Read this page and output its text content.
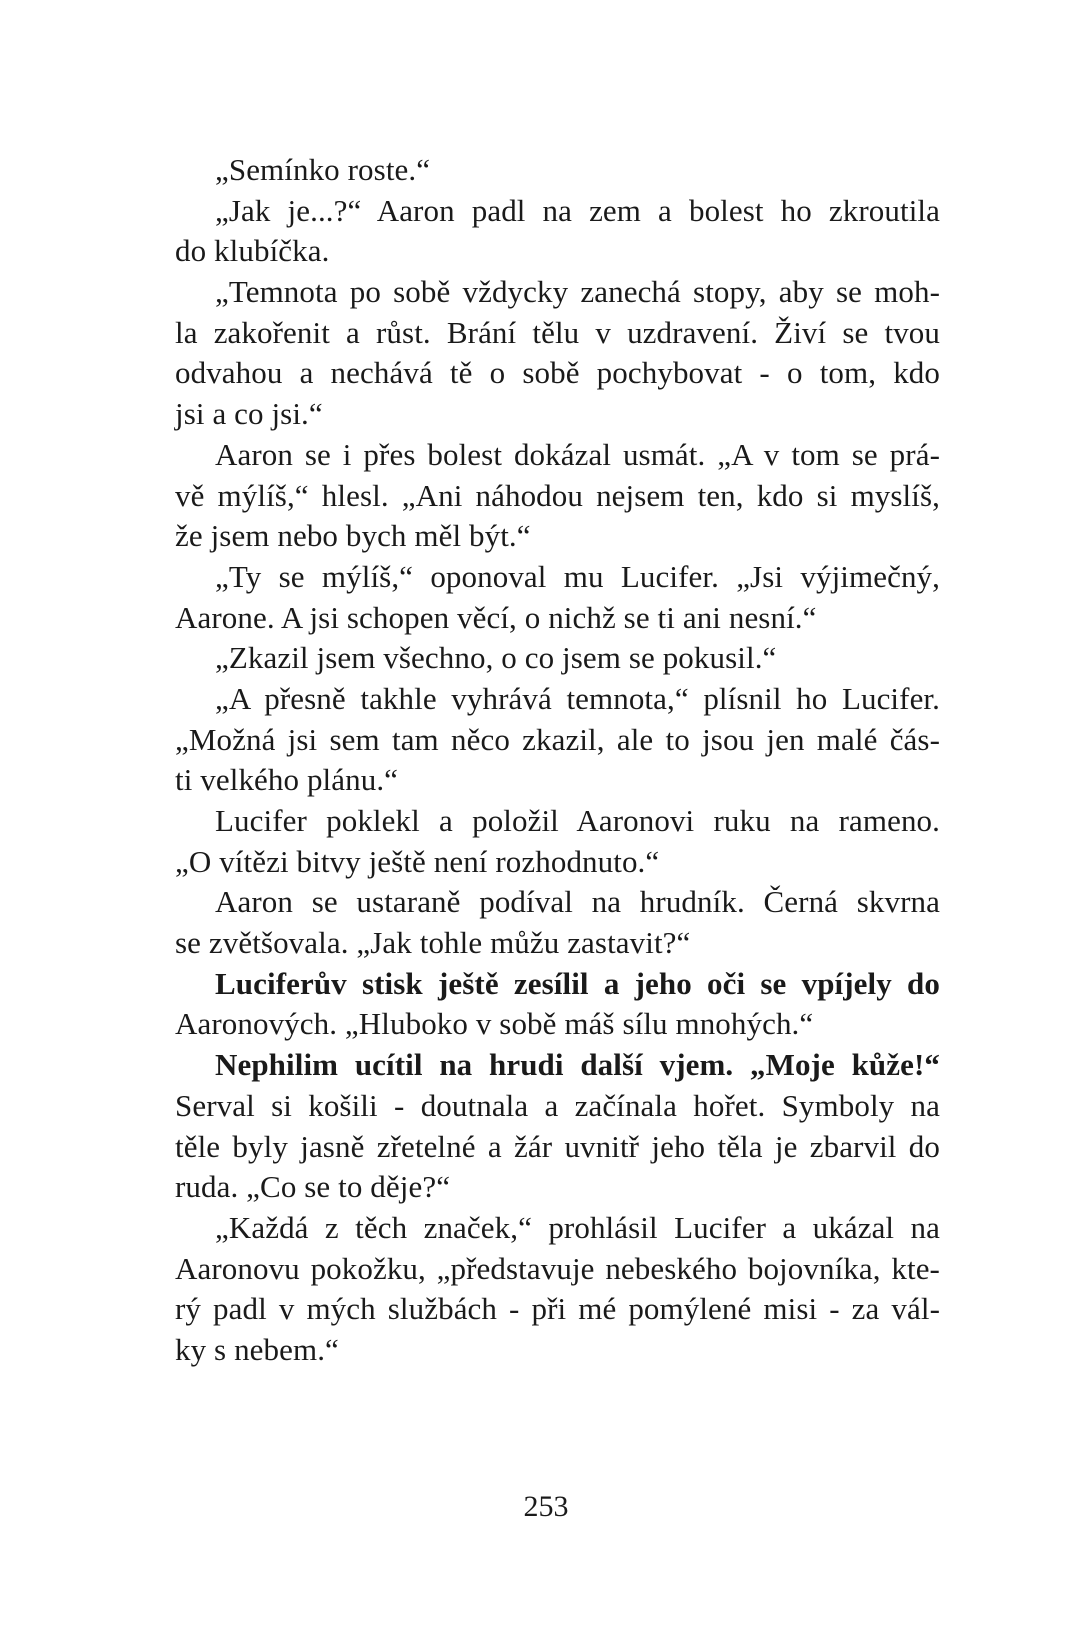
„Semínko roste.“
„Jak je...?“ Aaron padl na zem a bolest ho zkroutila
do klubíčka.
„Temnota po sobě vždycky zanechá stopy, aby se moh-
la zakořenit a růst. Brání tělu v uzdravení. Živí se tvou
odvahou a nechává tě o sobě pochybovat - o tom, kdo
jsi a co jsi.“
Aaron se i přes bolest dokázal usmát. „A v tom se prá-
vě mýlíš,“ hlesl. „Ani náhodou nejsem ten, kdo si myslíš,
že jsem nebo bych měl být.“
„Ty se mýlíš,“ oponoval mu Lucifer. „Jsi výjimečný,
Aarone. A jsi schopen věcí, o nichž se ti ani nesní.“
„Zkazil jsem všechno, o co jsem se pokusil.“
„A přesně takhle vyhrává temnota,“ plísnil ho Lucifer.
„Možná jsi sem tam něco zkazil, ale to jsou jen malé čás-
ti velkého plánu.“
Lucifer poklekl a položil Aaronovi ruku na rameno.
„O vítězi bitvy ještě není rozhodnuto.“
Aaron se ustaraně podíval na hrudník. Černá skvrna
se zvětšovala. „Jak tohle můžu zastavit?“
Luciferův stisk ještě zesílil a jeho oči se vpíjely do
Aaronových. „Hluboko v sobě máš sílu mnohých.“
Nephilim ucítil na hrudi další vjem. „Moje kůže!“
Serval si košili - doutnala a začínala hořet. Symboly na
těle byly jasně zřetelné a žár uvnitř jeho těla je zbarvil do
ruda. „Co se to děje?“
„Každá z těch značek,“ prohlásil Lucifer a ukázal na
Aaronovu pokožku, „představuje nebeského bojovníka, kte-
rý padl v mých službách - při mé pomýlené misi - za vál-
ky s nebem.“
253
